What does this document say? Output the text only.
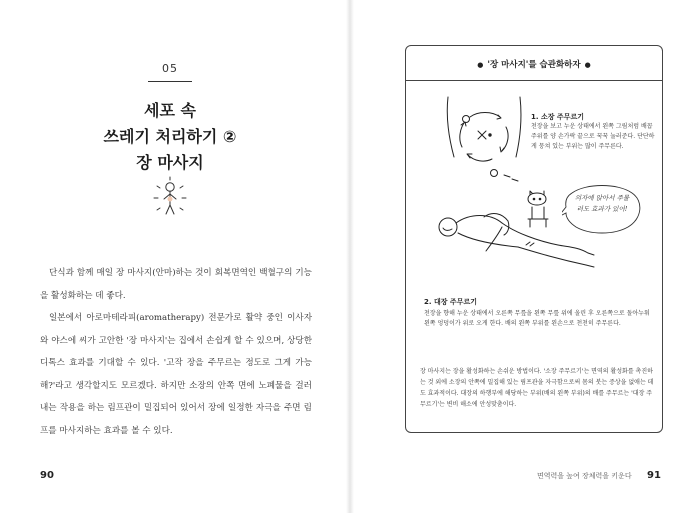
05
세포 속
쓰레기 처리하기 ②
장 마사지

단식과 함께 매일 장 마사지(안마)하는 것이 회복면역인 백혈구의 기능을 활성화하는 데 좋다.

일본에서 아로마테라피(aromatherapy) 전문가로 활약 중인 이사자와 야스에 씨가 고안한 '장 마사지'는 집에서 손쉽게 할 수 있으며, 상당한 디톡스 효과를 기대할 수 있다. '고작 장을 주무르는 정도로 그게 가능해?'라고 생각할지도 모르겠다. 하지만 소장의 안쪽 면에 노폐물을 걸러내는 작용을 하는 림프관이 밀집되어 있어서 장에 일정한 자극을 주면 림프를 마사지하는 효과를 볼 수 있다.

90
● '장 마사지'를 습관화하자 ●
1. 소장 주무르기
천장을 보고 누운 상태에서 왼쪽 그림처럼 배꼽 주위를 양 손가락 끝으로 꾹꾹 눌러준다. 단단하게 뭉쳐 있는 부위는 많이 주무른다.
의자에 앉아서 주물러도 효과가 있어!
2. 대장 주무르기
천장을 향해 누운 상태에서 오른쪽 무릎을 왼쪽 무릎 위에 올린 후 오른쪽으로 돌아누워 왼쪽 엉덩이가 위로 오게 한다. 배의 왼쪽 부위를 왼손으로 천천히 주무른다.
장 마사지는 장을 활성화하는 손쉬운 방법이다. '소장 주무르기'는 면역의 활성화를 촉진하는 것 외에 소장의 안쪽에 밀집해 있는 림프관을 자극함으로써 몸의 붓는 증상을 없애는 데도 효과적이다. 대장의 하행부에 해당하는 부위(배의 왼쪽 부위)의 배를 주무르는 '대장 주무르기'는 변비 해소에 안성맞춤이다.
면역력을 높여 장체력을 키운다 91
